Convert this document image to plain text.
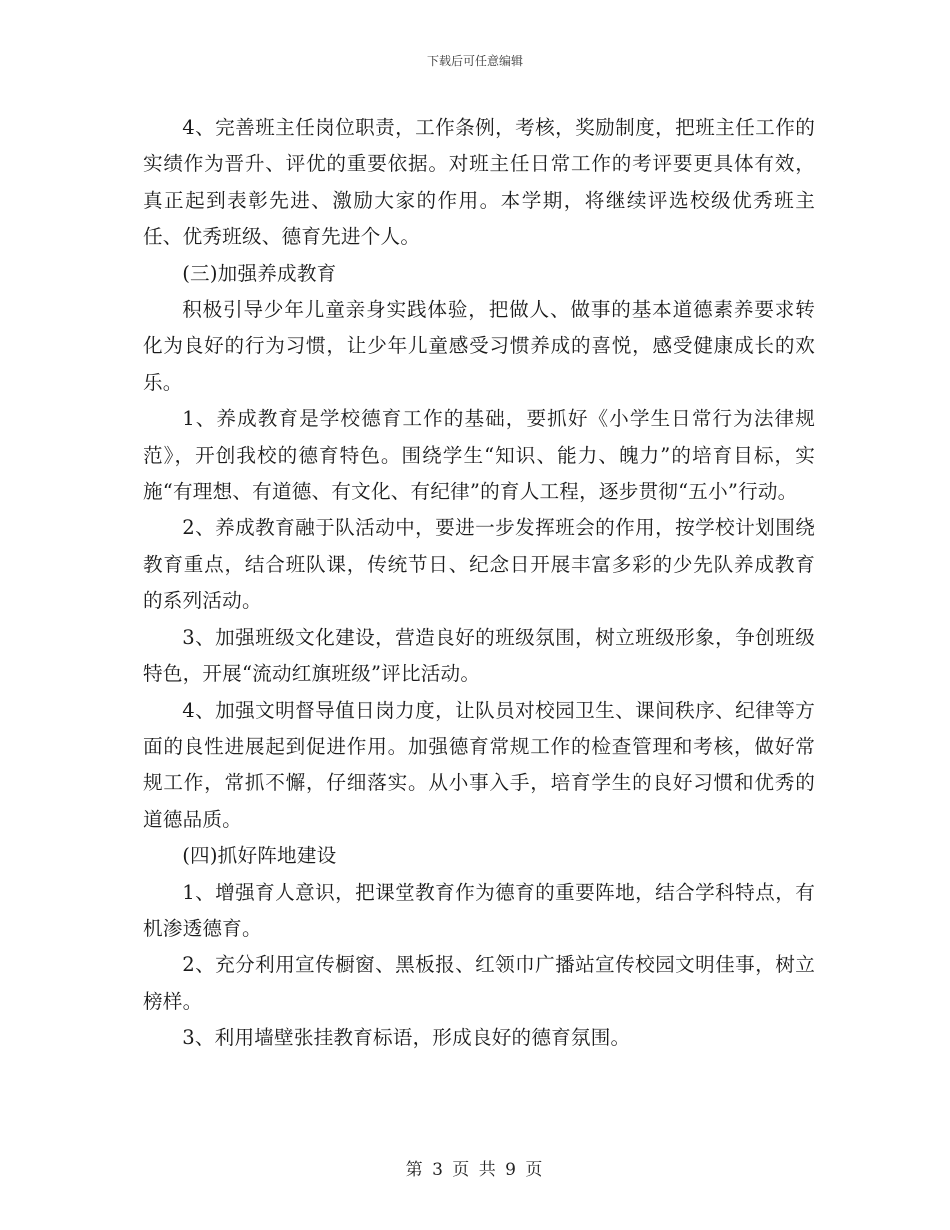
下载后可任意编辑

4、完善班主任岗位职责，工作条例，考核，奖励制度，把班主任工作的实绩作为晋升、评优的重要依据。对班主任日常工作的考评要更具体有效，真正起到表彰先进、激励大家的作用。本学期，将继续评选校级优秀班主任、优秀班级、德育先进个人。

(三)加强养成教育

积极引导少年儿童亲身实践体验，把做人、做事的基本道德素养要求转化为良好的行为习惯，让少年儿童感受习惯养成的喜悦，感受健康成长的欢乐。

1、养成教育是学校德育工作的基础，要抓好《小学生日常行为法律规范》，开创我校的德育特色。围绕学生“知识、能力、魄力”的培育目标，实施“有理想、有道德、有文化、有纪律”的育人工程，逐步贯彻“五小”行动。

2、养成教育融于队活动中，要进一步发挥班会的作用，按学校计划围绕教育重点，结合班队课，传统节日、纪念日开展丰富多彩的少先队养成教育的系列活动。

3、加强班级文化建设，营造良好的班级氛围，树立班级形象，争创班级特色，开展“流动红旗班级”评比活动。

4、加强文明督导值日岗力度，让队员对校园卫生、课间秩序、纪律等方面的良性进展起到促进作用。加强德育常规工作的检查管理和考核，做好常规工作，常抓不懈，仔细落实。从小事入手，培育学生的良好习惯和优秀的道德品质。

(四)抓好阵地建设

1、增强育人意识，把课堂教育作为德育的重要阵地，结合学科特点，有机渗透德育。

2、充分利用宣传橱窗、黑板报、红领巾广播站宣传校园文明佳事，树立榜样。

3、利用墙壁张挂教育标语，形成良好的德育氛围。

第 3 页 共 9 页
